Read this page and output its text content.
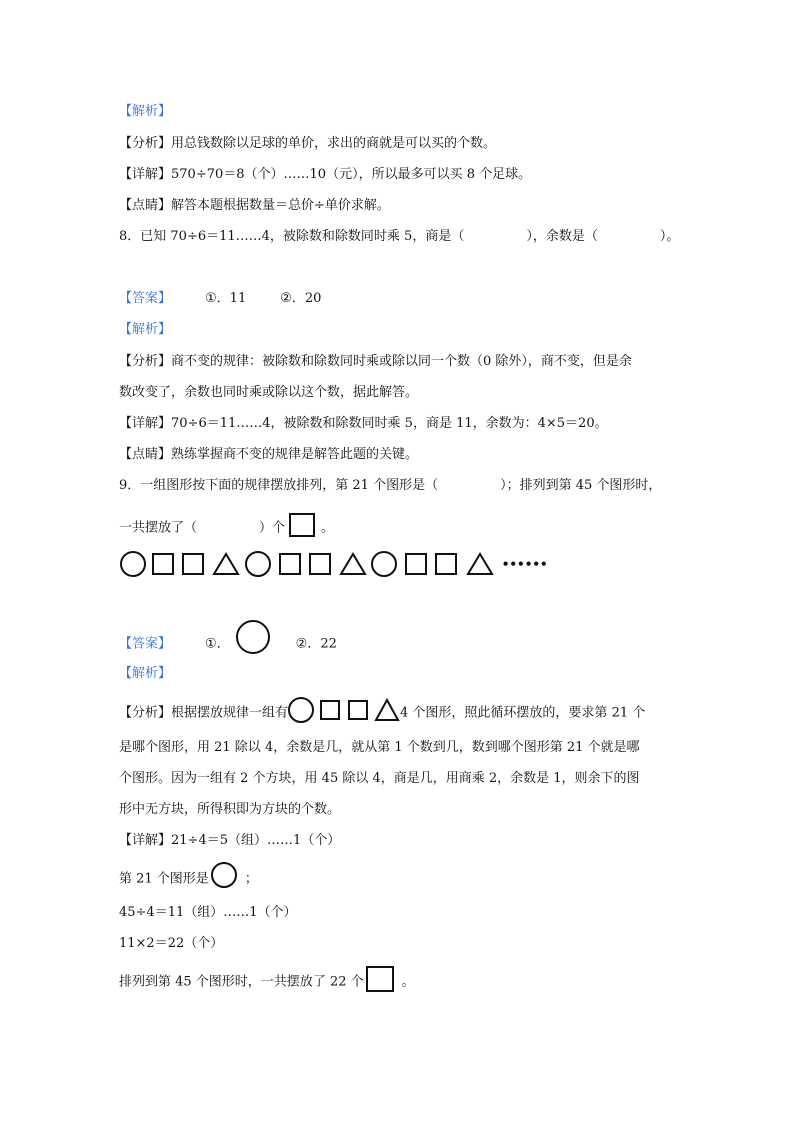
【解析】
【分析】用总钱数除以足球的单价，求出的商就是可以买的个数。
【详解】570÷70＝8（个）……10（元），所以最多可以买 8 个足球。
【点睛】解答本题根据数量＝总价÷单价求解。
8．已知 70÷6＝11……4，被除数和除数同时乘 5，商是（	），余数是（	）。
【答案】	①．11	②．20
【解析】
【分析】商不变的规律：被除数和除数同时乘或除以同一个数（0 除外），商不变，但是余
数改变了，余数也同时乘或除以这个数，据此解答。
【详解】70÷6＝11……4，被除数和除数同时乘 5，商是 11，余数为：4×5＝20。
【点睛】熟练掌握商不变的规律是解答此题的关键。
9．一组图形按下面的规律摆放排列，第 21 个图形是（	）；排列到第 45 个图形时，
一共摆放了（	）个	。
••••••
【答案】	①．	②．22
【解析】
【分析】根据摆放规律一组有	4 个图形，照此循环摆放的，要求第 21 个
是哪个图形，用 21 除以 4，余数是几，就从第 1 个数到几，数到哪个图形第 21 个就是哪
个图形。因为一组有 2 个方块，用 45 除以 4，商是几，用商乘 2，余数是 1，则余下的图
形中无方块，所得积即为方块的个数。
【详解】21÷4＝5（组）……1（个）
第 21 个图形是	；
45÷4＝11（组）……1（个）
11×2＝22（个）
排列到第 45 个图形时，一共摆放了 22 个	。
